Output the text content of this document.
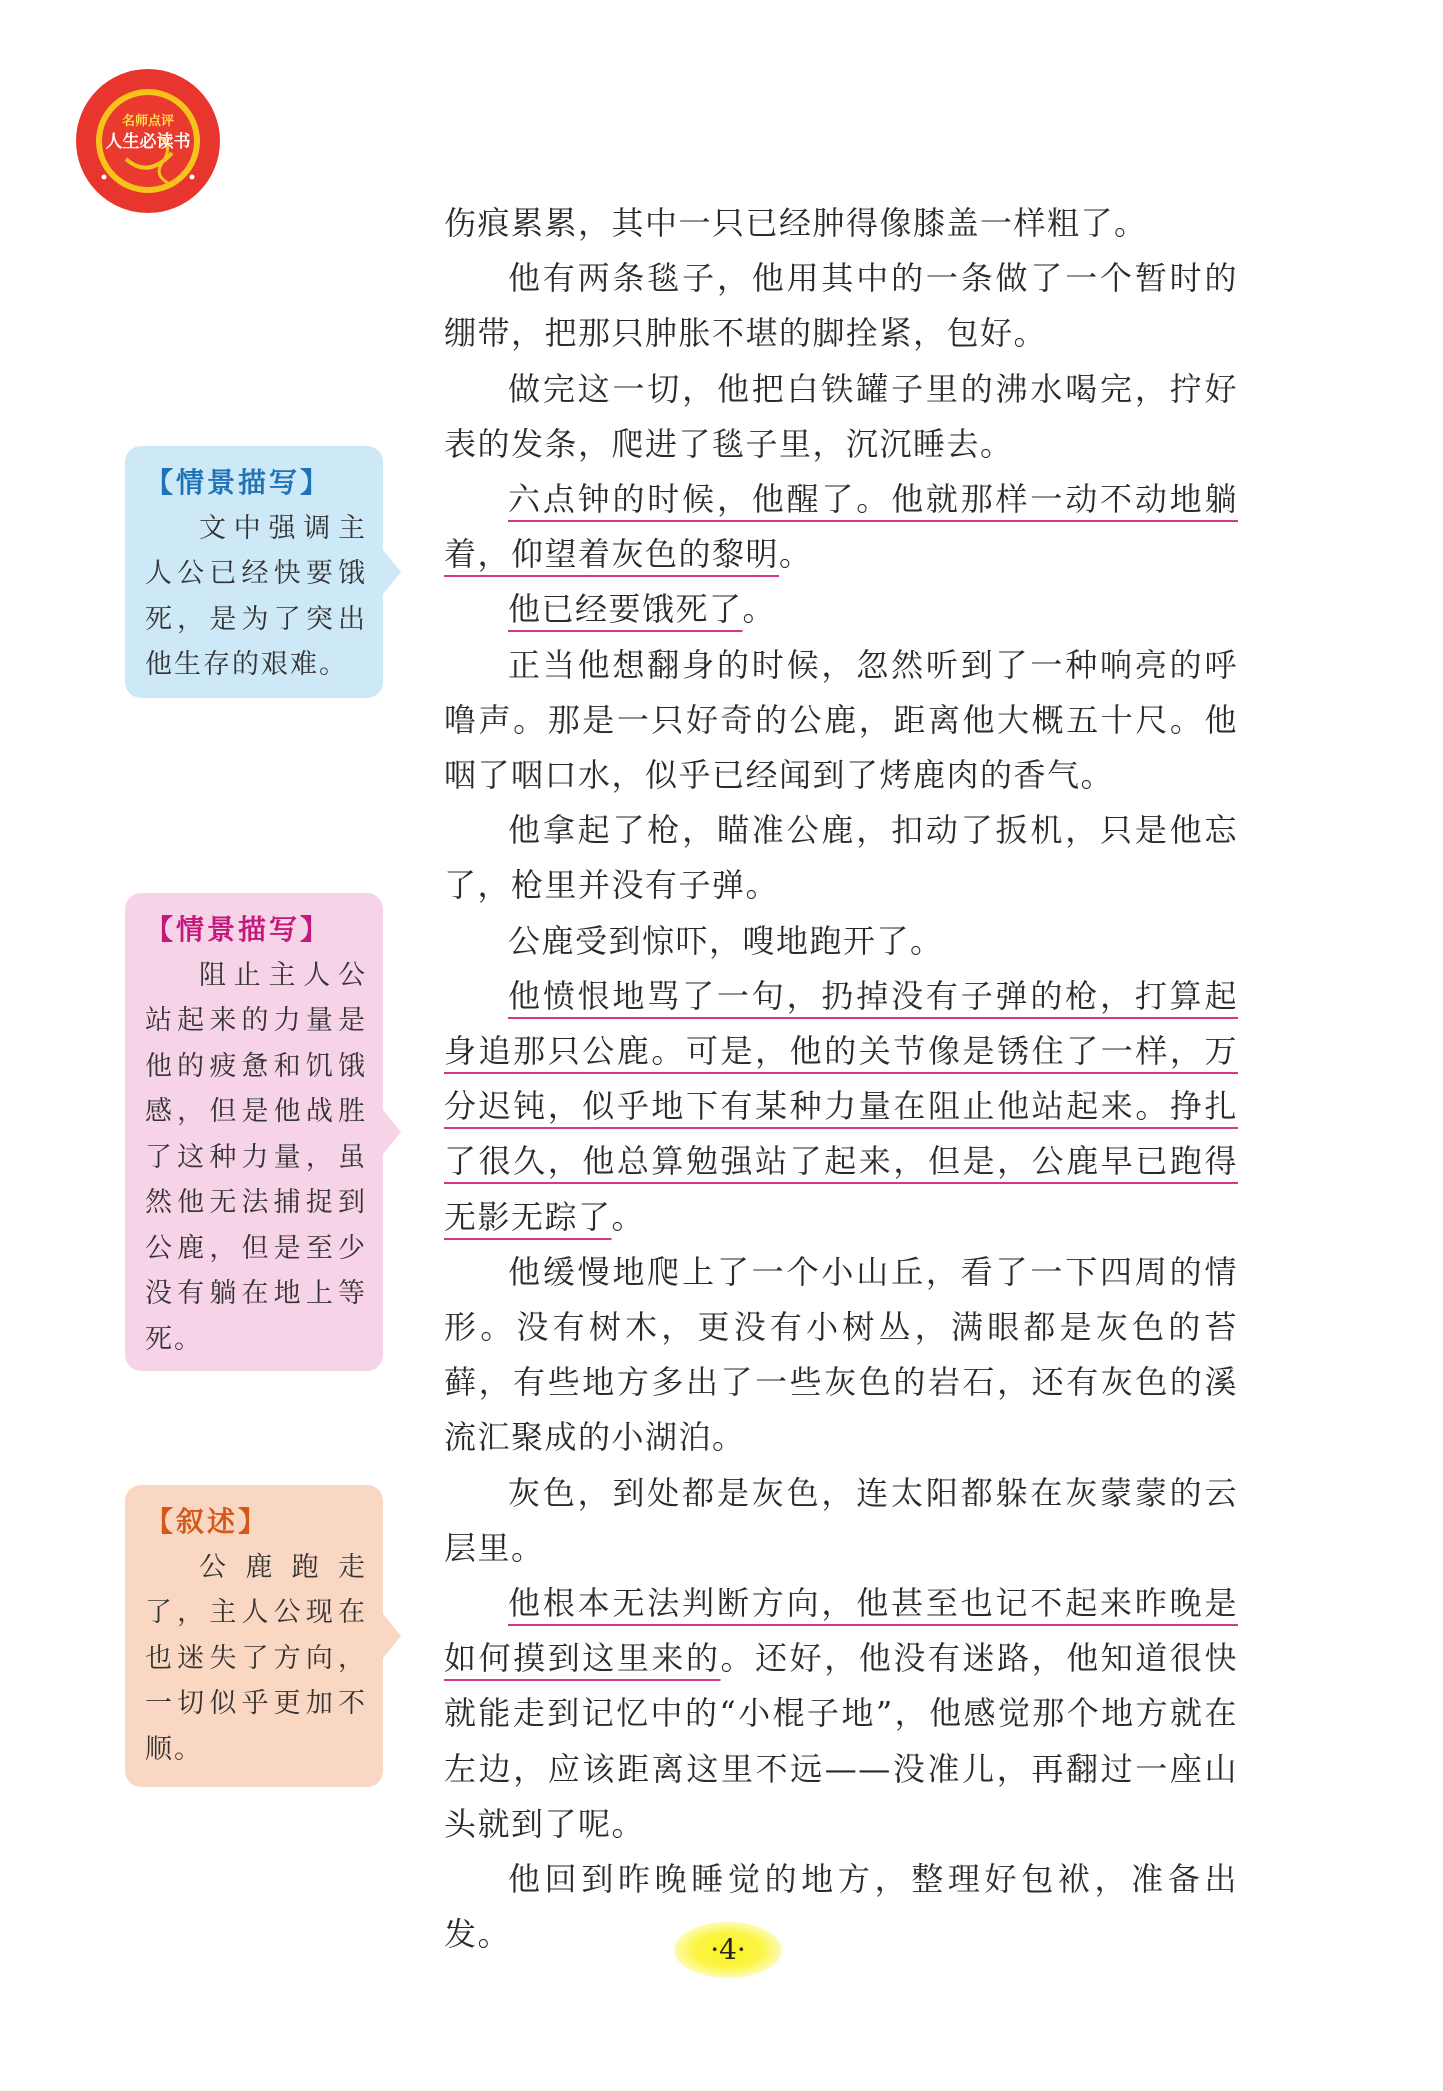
名师点评
人生必读书
【情景描写】
文中强调主人公已经快要饿死，是为了突出他生存的艰难。
【情景描写】
阻止主人公站起来的力量是他的疲惫和饥饿感，但是他战胜了这种力量，虽然他无法捕捉到公鹿，但是至少没有躺在地上等死。
【叙述】
公鹿跑走了，主人公现在也迷失了方向，一切似乎更加不顺。

伤痕累累，其中一只已经肿得像膝盖一样粗了。

他有两条毯子，他用其中的一条做了一个暂时的绷带，把那只肿胀不堪的脚拴紧，包好。

做完这一切，他把白铁罐子里的沸水喝完，拧好表的发条，爬进了毯子里，沉沉睡去。

六点钟的时候，他醒了。他就那样一动不动地躺着，仰望着灰色的黎明。

他已经要饿死了。

正当他想翻身的时候，忽然听到了一种响亮的呼噜声。那是一只好奇的公鹿，距离他大概五十尺。他咽了咽口水，似乎已经闻到了烤鹿肉的香气。

他拿起了枪，瞄准公鹿，扣动了扳机，只是他忘了，枪里并没有子弹。

公鹿受到惊吓，嗖地跑开了。

他愤恨地骂了一句，扔掉没有子弹的枪，打算起身追那只公鹿。可是，他的关节像是锈住了一样，万分迟钝，似乎地下有某种力量在阻止他站起来。挣扎了很久，他总算勉强站了起来，但是，公鹿早已跑得无影无踪了。

他缓慢地爬上了一个小山丘，看了一下四周的情形。没有树木，更没有小树丛，满眼都是灰色的苔藓，有些地方多出了一些灰色的岩石，还有灰色的溪流汇聚成的小湖泊。

灰色，到处都是灰色，连太阳都躲在灰蒙蒙的云层里。

他根本无法判断方向，他甚至也记不起来昨晚是如何摸到这里来的。还好，他没有迷路，他知道很快就能走到记忆中的“小棍子地”，他感觉那个地方就在左边，应该距离这里不远——没准儿，再翻过一座山头就到了呢。

他回到昨晚睡觉的地方，整理好包袱，准备出发。	·4·
